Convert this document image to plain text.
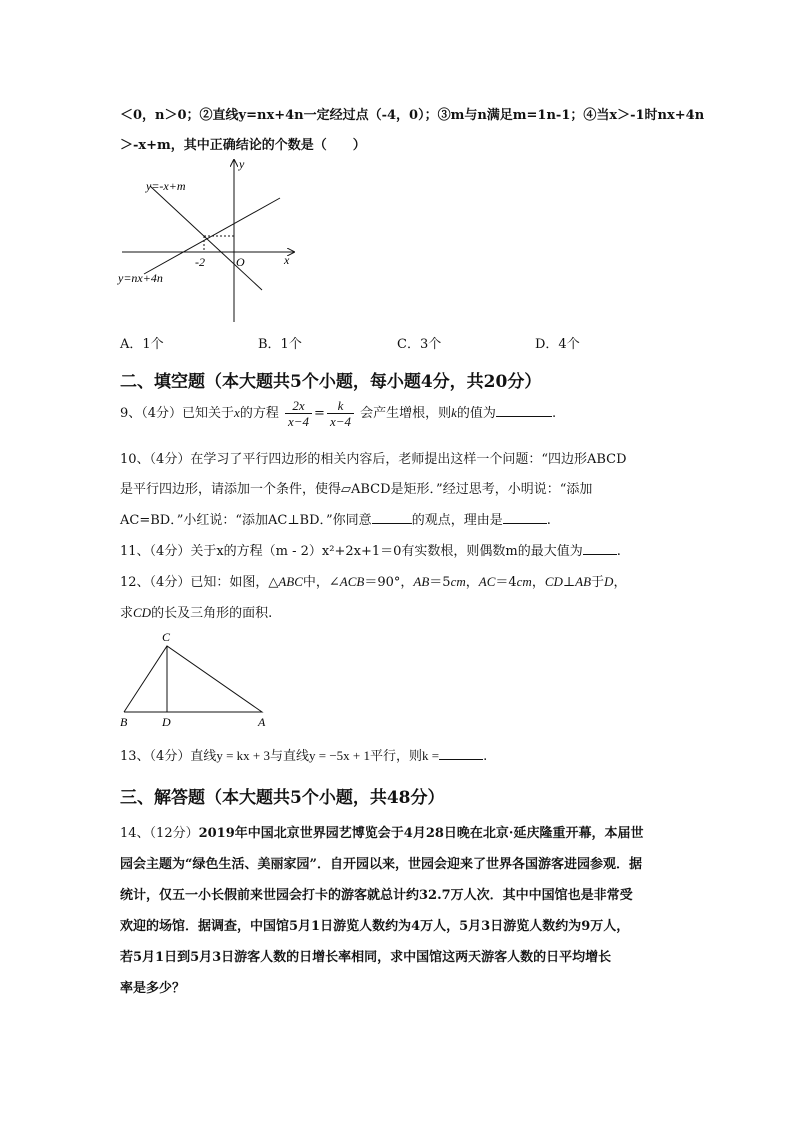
＜0，n＞0；②直线y=nx+4n一定经过点（-4，0）；③m与n满足m=1n-1；④当x＞-1时nx+4n
＞-x+m，其中正确结论的个数是（　　）
y
x
O
-2
y=-x+m
y=nx+4n
A．1个	B．1个	C．3个	D．4个
二、填空题（本大题共5个小题，每小题4分，共20分）
9、（4分）已知关于x的方程 $\frac{2x}{x-4} = \frac{k}{x-4}$ 会产生增根，则k的值为	.
10、（4分）在学习了平行四边形的相关内容后，老师提出这样一个问题：“四边形ABCD
是平行四边形，请添加一个条件，使得▱ABCD是矩形．”经过思考，小明说：“添加
AC=BD．”小红说：“添加AC⊥BD．”你同意	的观点，理由是	.
11、（4分）关于x的方程（m - 2）x²+2x+1＝0有实数根，则偶数m的最大值为	.
12、（4分）已知：如图，△ABC中，∠ACB＝90°，AB＝5cm，AC＝4cm，CD⊥AB于D，
求CD的长及三角形的面积.
C
B	D	A
13、（4分）直线y = kx + 3与直线y = −5x + 1平行，则k =	.
三、解答题（本大题共5个小题，共48分）
14、（12分）2019年中国北京世界园艺博览会于4月28日晚在北京·延庆隆重开幕，本届世
园会主题为“绿色生活、美丽家园”．自开园以来，世园会迎来了世界各国游客进园参观．据
统计，仅五一小长假前来世园会打卡的游客就总计约32.7万人次．其中中国馆也是非常受
欢迎的场馆．据调查，中国馆5月1日游览人数约为4万人，5月3日游览人数约为9万人，
若5月1日到5月3日游客人数的日增长率相同，求中国馆这两天游客人数的日平均增长
率是多少？
